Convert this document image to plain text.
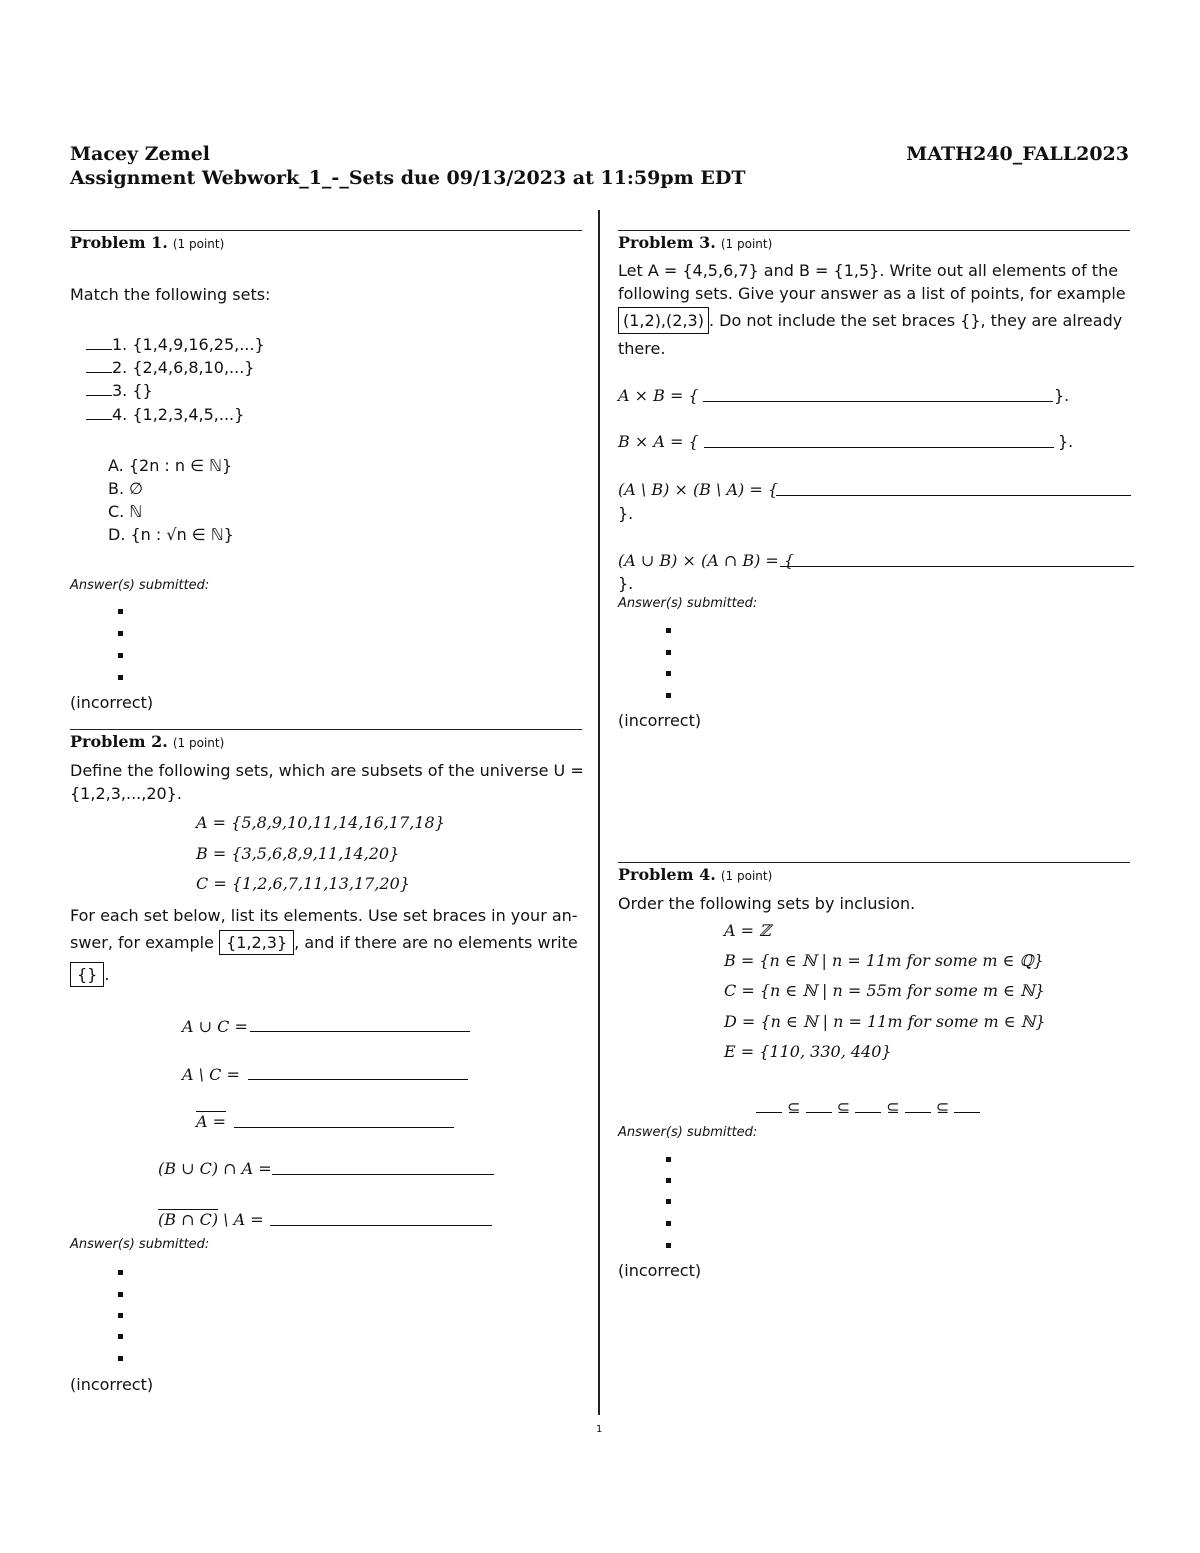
Macey Zemel	MATH240_FALL2023
Assignment Webwork_1_-_Sets due 09/13/2023 at 11:59pm EDT
Problem 1. (1 point)
Match the following sets:
1. {1,4,9,16,25,...}
2. {2,4,6,8,10,...}
3. {}
4. {1,2,3,4,5,...}
A. {2n : n ∈ ℕ}
B. ∅
C. ℕ
D. {n : √n ∈ ℕ}
Answer(s) submitted:
(incorrect)
Problem 2. (1 point)
Define the following sets, which are subsets of the universe U =
{1,2,3,...,20}.
A = {5,8,9,10,11,14,16,17,18}
B = {3,5,6,8,9,11,14,20}
C = {1,2,6,7,11,13,17,20}
For each set below, list its elements. Use set braces in your an-
swer, for example {1,2,3} , and if there are no elements write
{} .
A ∪ C =
A \ C =
A =
(B ∪ C) ∩ A =
(B ∩ C) \ A =
Answer(s) submitted:
(incorrect)
Problem 3. (1 point)
Let A = {4,5,6,7} and B = {1,5}. Write out all elements of the
following sets. Give your answer as a list of points, for example
(1,2),(2,3) . Do not include the set braces {}, they are already
there.
A × B = {	}.
B × A = {	}.
(A \ B) × (B \ A) = {
}.
(A ∪ B) × (A ∩ B) = {
}.
Answer(s) submitted:
(incorrect)
Problem 4. (1 point)
Order the following sets by inclusion.
A = ℤ
B = {n ∈ ℕ | n = 11m for some m ∈ ℚ}
C = {n ∈ ℕ | n = 55m for some m ∈ ℕ}
D = {n ∈ ℕ | n = 11m for some m ∈ ℕ}
E = {110, 330, 440}
⊆ ⊆ ⊆ ⊆
Answer(s) submitted:
(incorrect)
1
